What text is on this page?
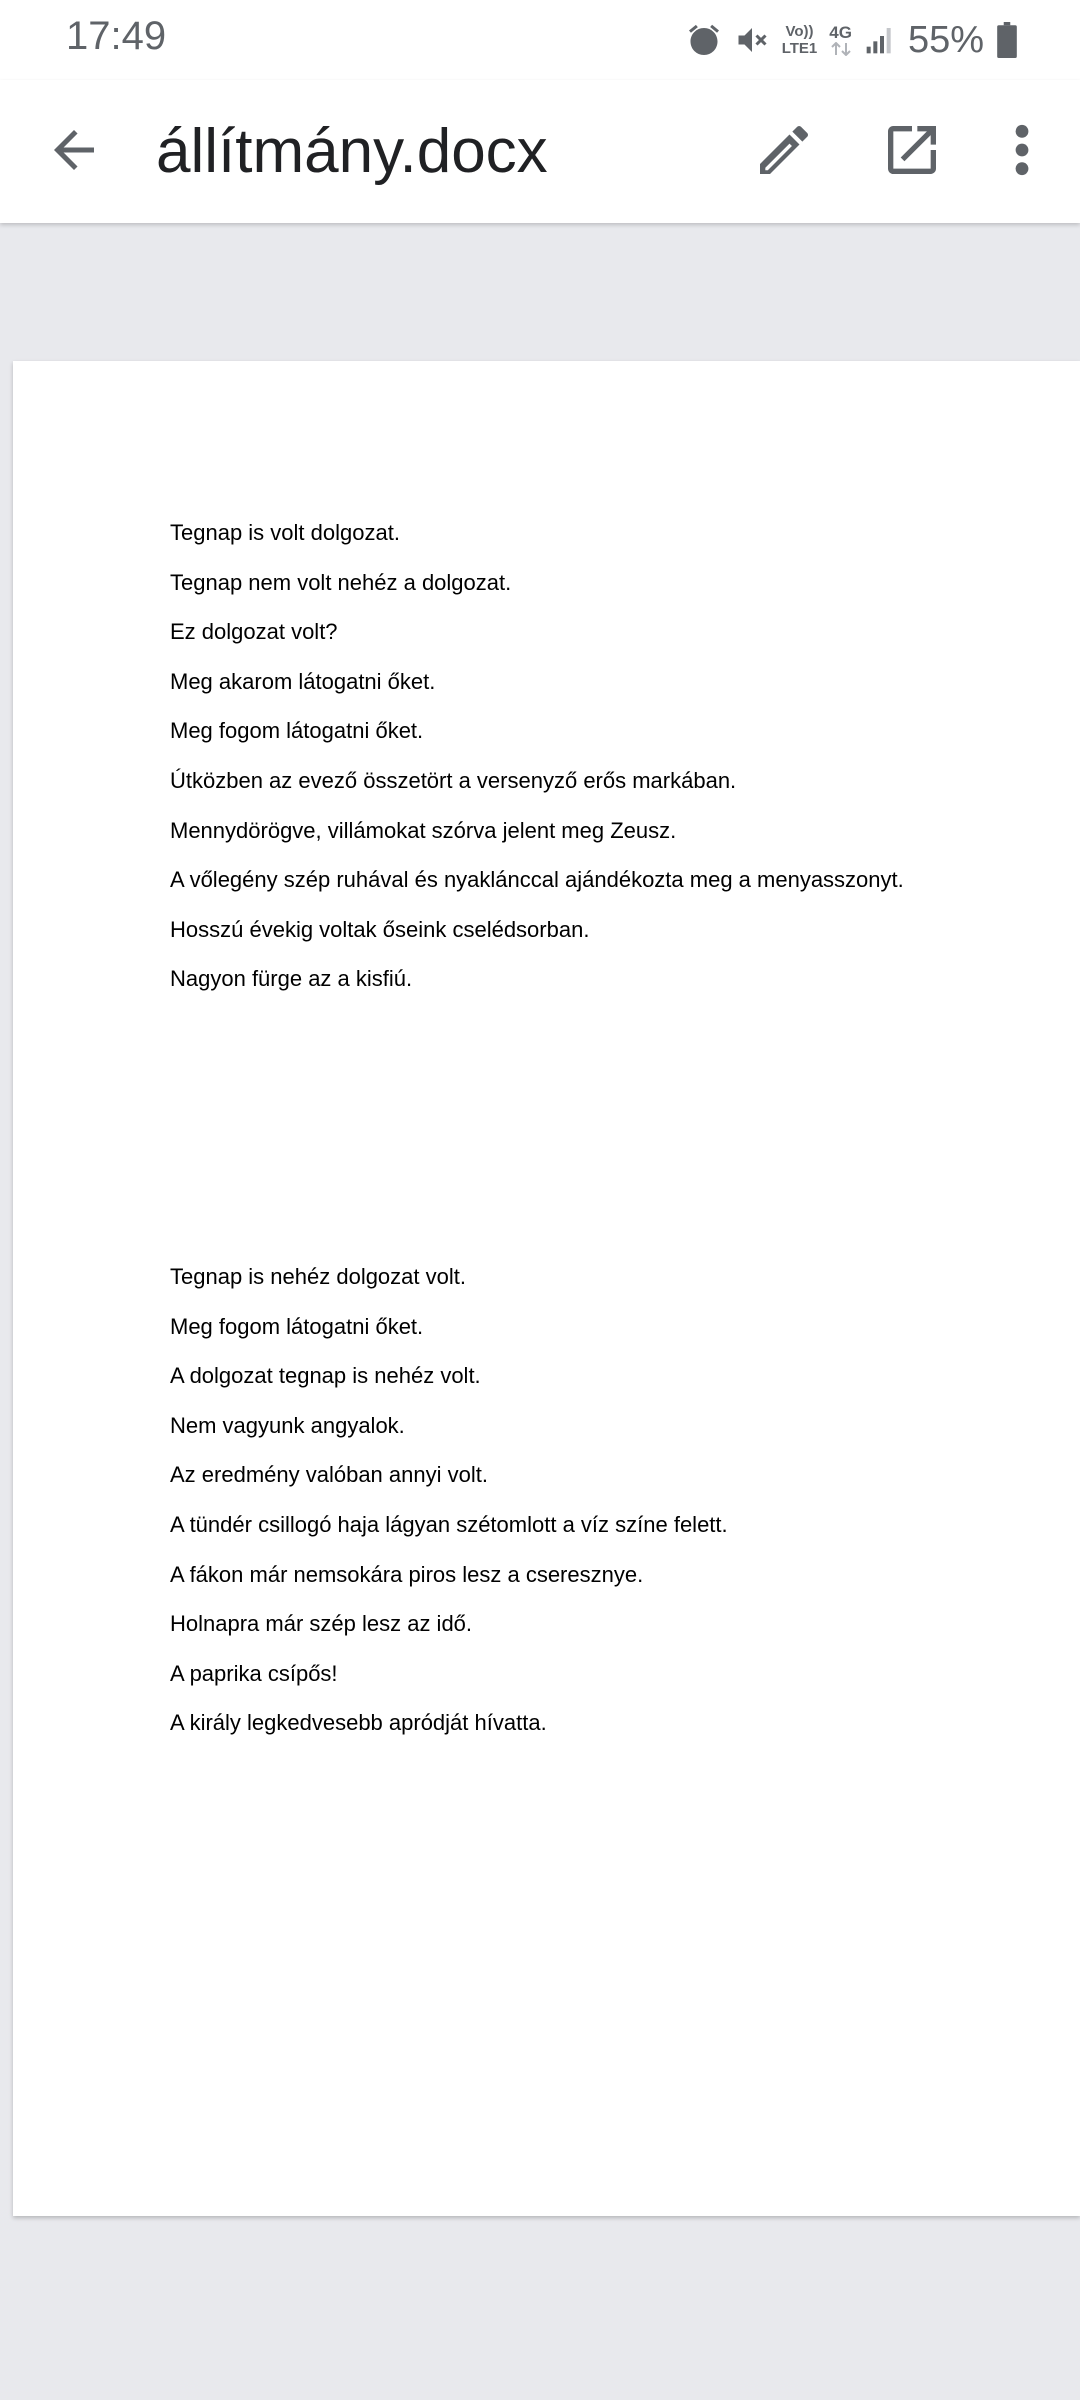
17:49	Vo))
LTE1
4G 55%
állítmány.docx
Tegnap is volt dolgozat.
Tegnap nem volt nehéz a dolgozat.
Ez dolgozat volt?
Meg akarom látogatni őket.
Meg fogom látogatni őket.
Útközben az evező összetört a versenyző erős markában.
Mennydörögve, villámokat szórva jelent meg Zeusz.
A vőlegény szép ruhával és nyaklánccal ajándékozta meg a menyasszonyt.
Hosszú évekig voltak őseink cselédsorban.
Nagyon fürge az a kisfiú.
Tegnap is nehéz dolgozat volt.
Meg fogom látogatni őket.
A dolgozat tegnap is nehéz volt.
Nem vagyunk angyalok.
Az eredmény valóban annyi volt.
A tündér csillogó haja lágyan szétomlott a víz színe felett.
A fákon már nemsokára piros lesz a cseresznye.
Holnapra már szép lesz az idő.
A paprika csípős!
A király legkedvesebb apródját hívatta.
